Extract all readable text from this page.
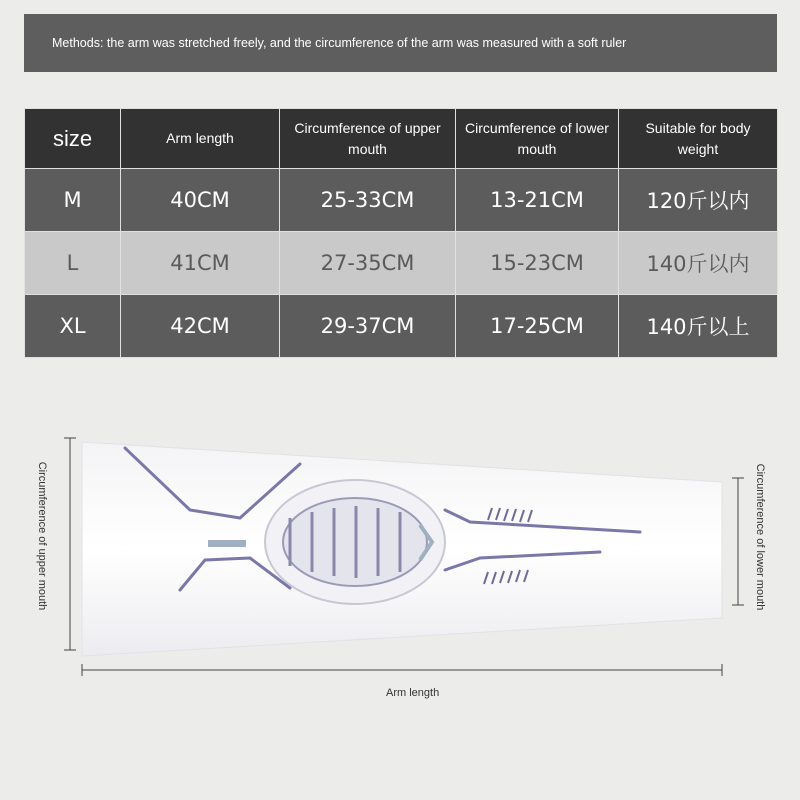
Methods: the arm was stretched freely, and the circumference of the arm was measured with a soft ruler
size	Arm length	Circumference of upper mouth	Circumference of lower mouth	Suitable for body weight
M	40CM	25-33CM	13-21CM	120斤以内
L	41CM	27-35CM	15-23CM	140斤以内
XL	42CM	29-37CM	17-25CM	140斤以上
Circumference of upper mouth	Circumference of lower mouth
Arm length
